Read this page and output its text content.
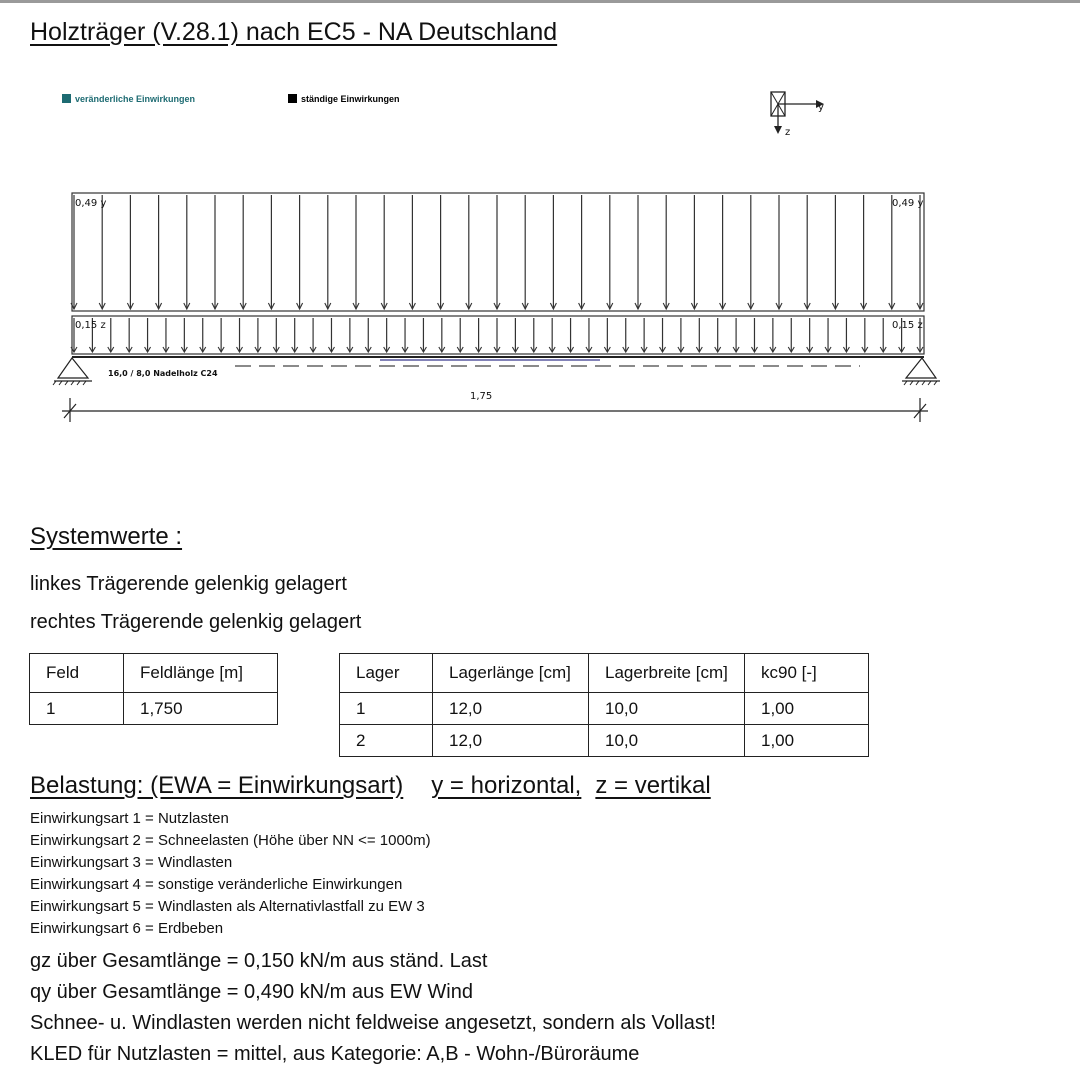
Holzträger (V.28.1) nach EC5 - NA Deutschland
veränderliche Einwirkungen	ständige Einwirkungen
y
z
0,49 y	0,49 y
0,15 z	0,15 z
16,0 / 8,0 Nadelholz C24
1,75
Systemwerte :
linkes Trägerende gelenkig gelagert
rechtes Trägerende gelenkig gelagert
Feld	Feldlänge [m]
1	1,750
Lager	Lagerlänge [cm]	Lagerbreite [cm]	kc90 [-]
1	12,0	10,0	1,00
2	12,0	10,0	1,00
Belastung: (EWA = Einwirkungsart) y = horizontal, z = vertikal
Einwirkungsart 1 = Nutzlasten
Einwirkungsart 2 = Schneelasten (Höhe über NN <= 1000m)
Einwirkungsart 3 = Windlasten
Einwirkungsart 4 = sonstige veränderliche Einwirkungen
Einwirkungsart 5 = Windlasten als Alternativlastfall zu EW 3
Einwirkungsart 6 = Erdbeben
gz über Gesamtlänge = 0,150 kN/m aus ständ. Last
qy über Gesamtlänge = 0,490 kN/m aus EW Wind
Schnee- u. Windlasten werden nicht feldweise angesetzt, sondern als Vollast!
KLED für Nutzlasten = mittel, aus Kategorie: A,B - Wohn-/Büroräume
